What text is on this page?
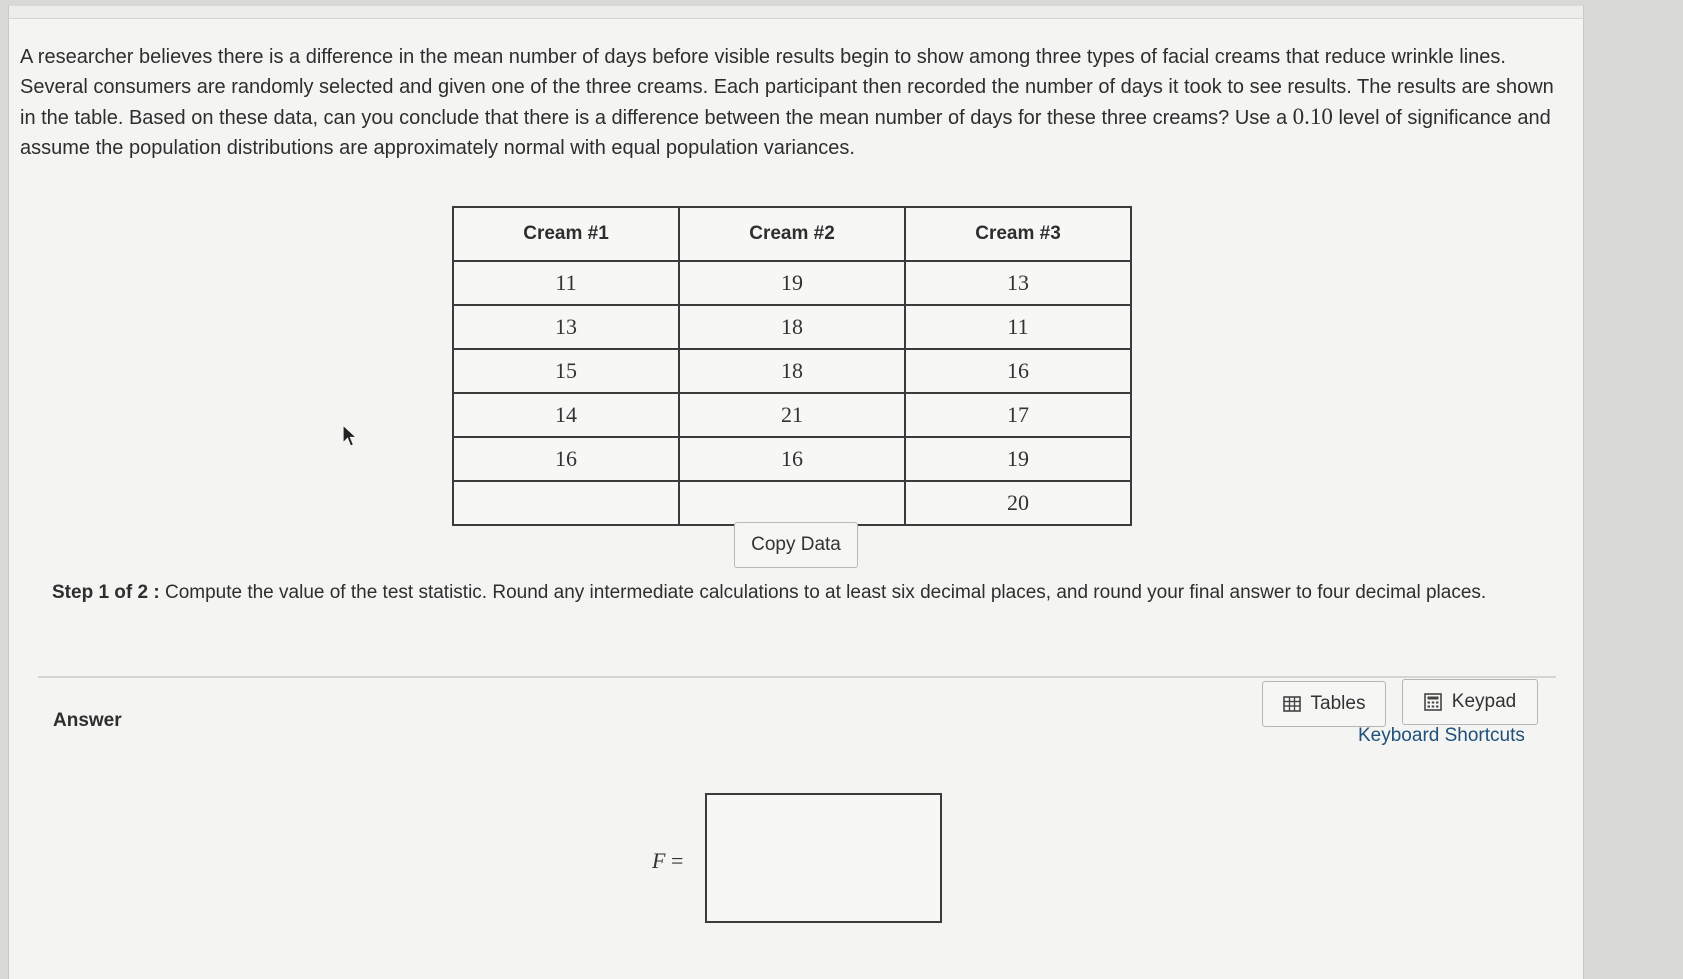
A researcher believes there is a difference in the mean number of days before visible results begin to show among three types of facial creams that reduce wrinkle lines. Several consumers are randomly selected and given one of the three creams. Each participant then recorded the number of days it took to see results. The results are shown in the table. Based on these data, can you conclude that there is a difference between the mean number of days for these three creams? Use a 0.10 level of significance and assume the population distributions are approximately normal with equal population variances.
Cream #1	Cream #2	Cream #3
11	19	13
13	18	11
15	18	16
14	21	17
16	16	19
		20
Copy Data
Step 1 of 2 : Compute the value of the test statistic. Round any intermediate calculations to at least six decimal places, and round your final answer to four decimal places.
Answer
Tables	Keypad
Keyboard Shortcuts
F =
